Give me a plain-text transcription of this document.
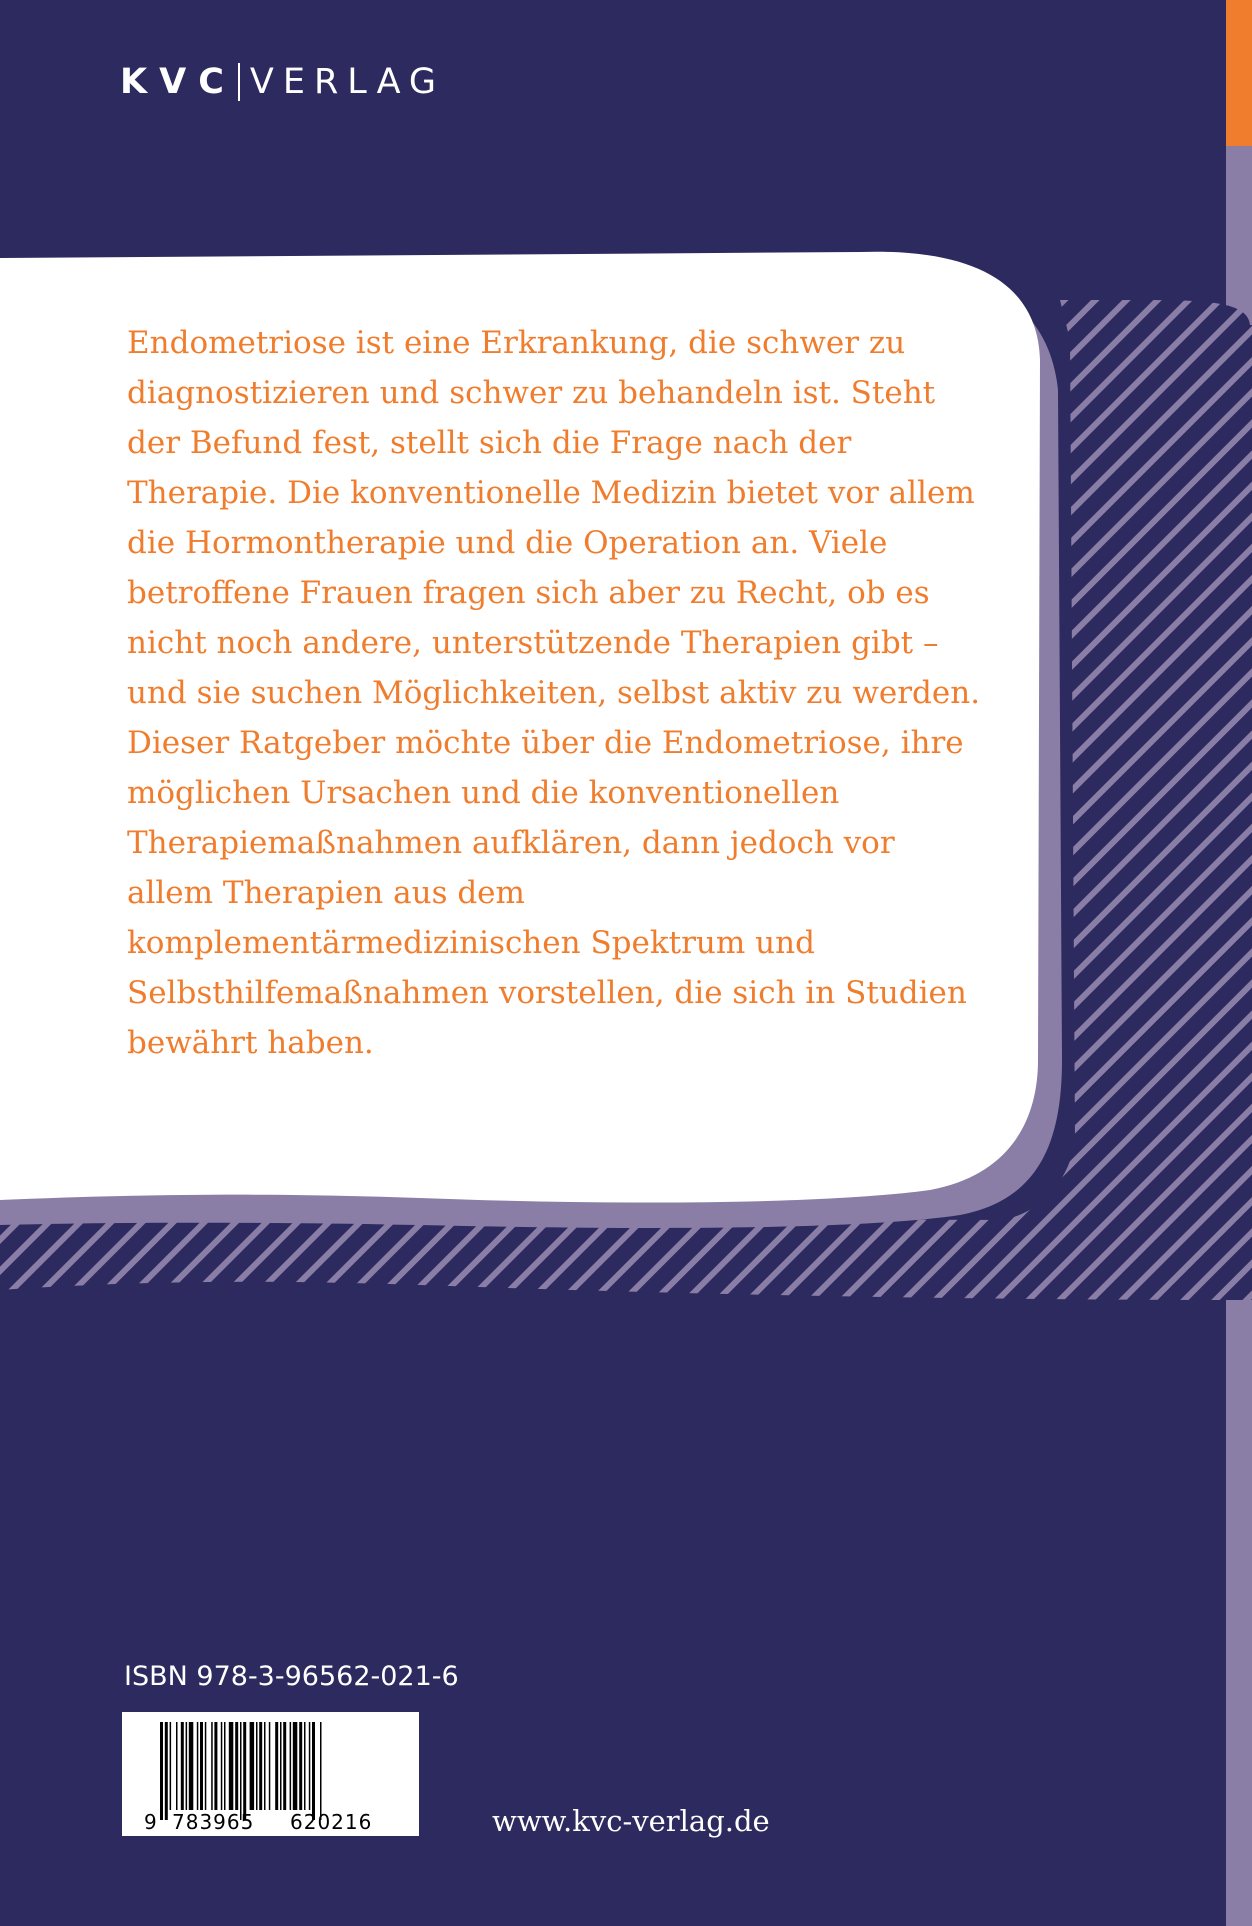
KVC VERLAG

Endometriose ist eine Erkrankung, die schwer zu diagnostizieren und schwer zu behandeln ist. Steht der Befund fest, stellt sich die Frage nach der Therapie. Die konventionelle Medizin bietet vor allem die Hormontherapie und die Operation an. Viele betroffene Frauen fragen sich aber zu Recht, ob es nicht noch andere, unterstützende Therapien gibt – und sie suchen Möglichkeiten, selbst aktiv zu werden.

Dieser Ratgeber möchte über die Endometriose, ihre möglichen Ursachen und die konventionellen Therapiemaßnahmen aufklären, dann jedoch vor allem Therapien aus dem komplementärmedizinischen Spektrum und Selbsthilfemaßnahmen vorstellen, die sich in Studien bewährt haben.

ISBN 978-3-96562-021-6
9 783965 620216	www.kvc-verlag.de
